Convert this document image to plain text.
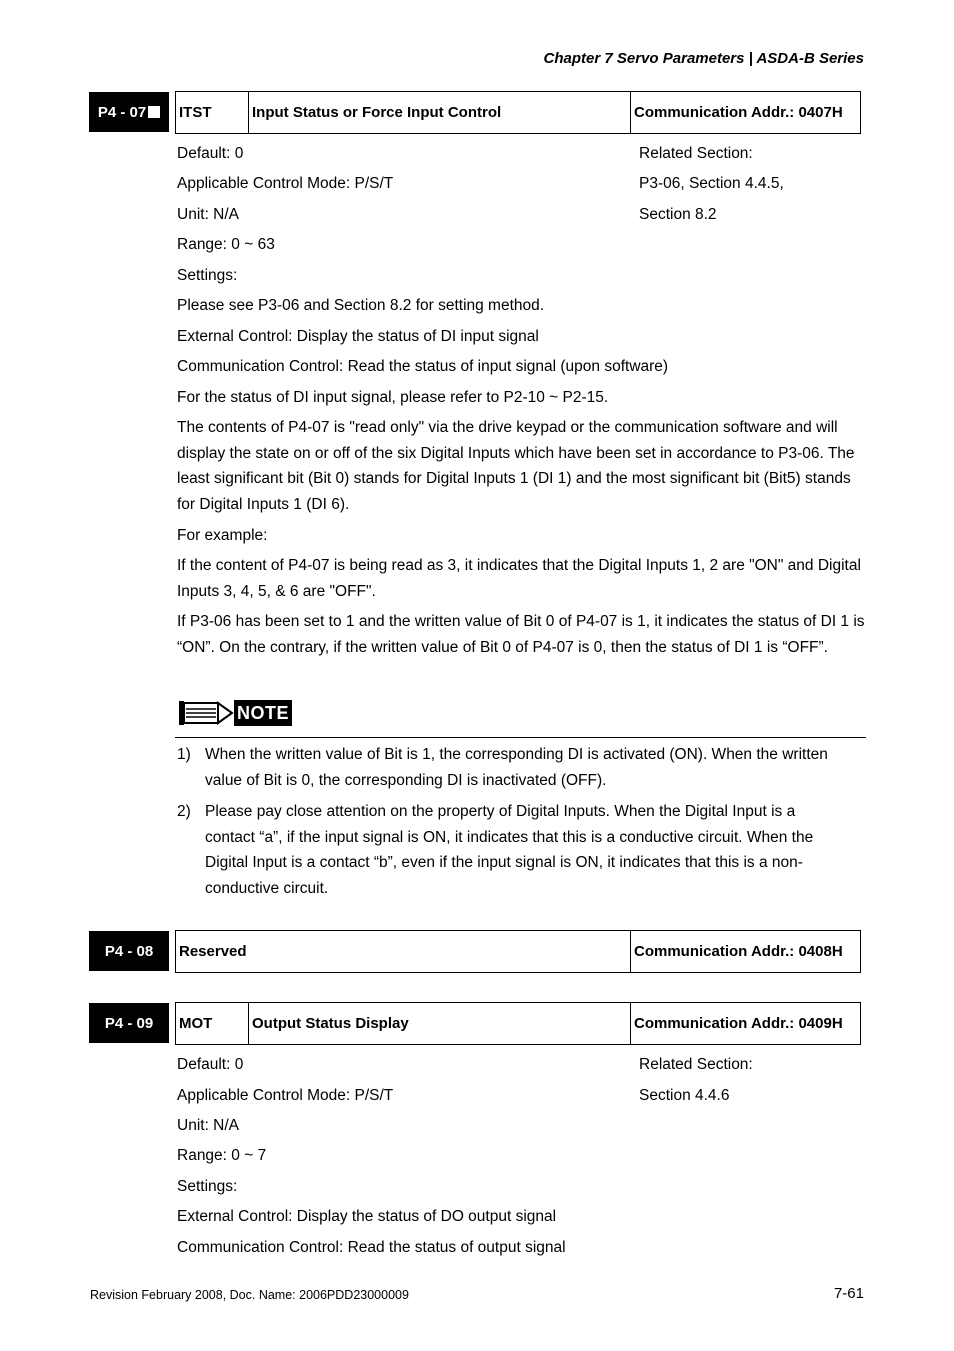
Chapter 7 Servo Parameters | ASDA-B Series
P4 - 07 ITST	Input Status or Force Input Control	Communication Addr.: 0407H
Default: 0
Applicable Control Mode: P/S/T
Unit: N/A
Range: 0 ~ 63
Settings:
Related Section:
P3-06, Section 4.4.5,
Section 8.2
Please see P3-06 and Section 8.2 for setting method.
External Control: Display the status of DI input signal
Communication Control: Read the status of input signal (upon software)
For the status of DI input signal, please refer to P2-10 ~ P2-15.
The contents of P4-07 is "read only" via the drive keypad or the communication software and will display the state on or off of the six Digital Inputs which have been set in accordance to P3-06. The least significant bit (Bit 0) stands for Digital Inputs 1 (DI 1) and the most significant bit (Bit5) stands for Digital Inputs 1 (DI 6).
For example:
If the content of P4-07 is being read as 3, it indicates that the Digital Inputs 1, 2 are "ON" and Digital Inputs 3, 4, 5, & 6 are "OFF".
If P3-06 has been set to 1 and the written value of Bit 0 of P4-07 is 1, it indicates the status of DI 1 is “ON”. On the contrary, if the written value of Bit 0 of P4-07 is 0, then the status of DI 1 is “OFF”.
NOTE
1) When the written value of Bit is 1, the corresponding DI is activated (ON). When the written value of Bit is 0, the corresponding DI is inactivated (OFF).
2) Please pay close attention on the property of Digital Inputs. When the Digital Input is a contact “a”, if the input signal is ON, it indicates that this is a conductive circuit. When the Digital Input is a contact “b”, even if the input signal is ON, it indicates that this is a non-conductive circuit.
P4 - 08 Reserved	Communication Addr.: 0408H
P4 - 09 MOT	Output Status Display	Communication Addr.: 0409H
Default: 0
Applicable Control Mode: P/S/T
Unit: N/A
Range: 0 ~ 7
Settings:
External Control: Display the status of DO output signal
Communication Control: Read the status of output signal
Related Section:
Section 4.4.6
Revision February 2008, Doc. Name: 2006PDD23000009	7-61
